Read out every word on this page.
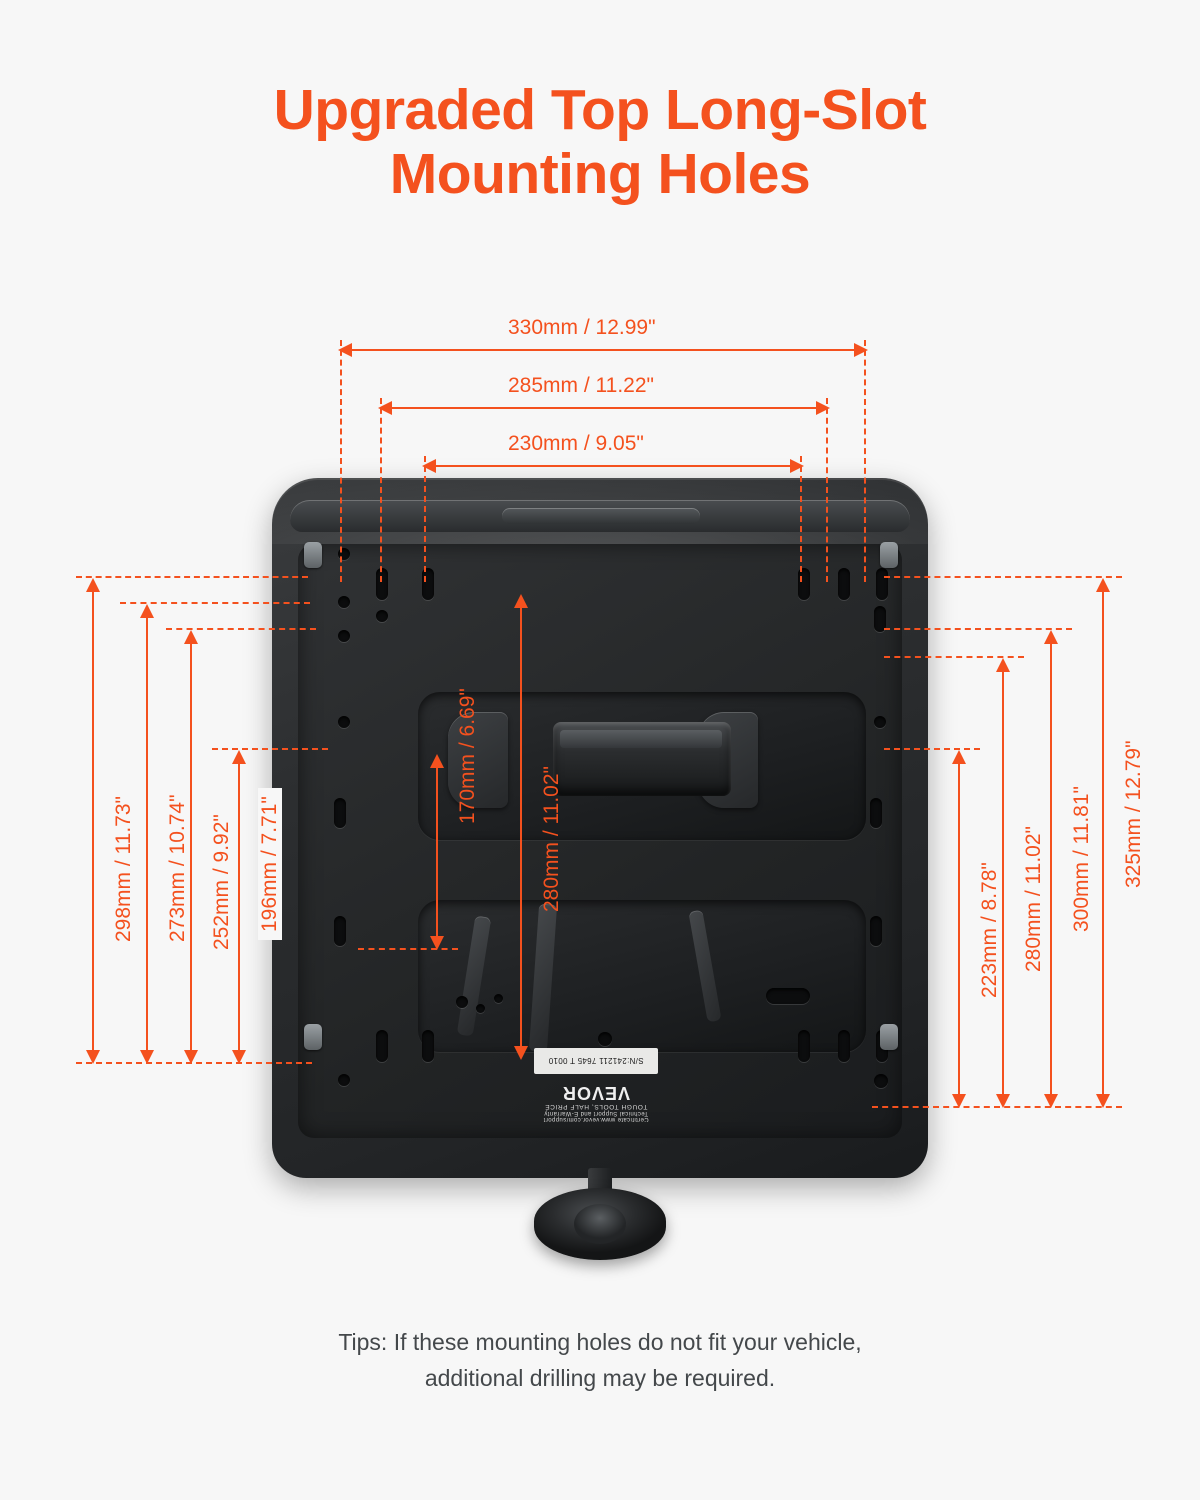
Upgraded Top Long-Slot
Mounting Holes
S/N:241211 7645 T 0010
Certificate www.vevor.com/support
Technical Support and E-Warranty
TOUGH TOOLS, HALF PRICE
VEVOR
330mm / 12.99"
285mm / 11.22"
230mm / 9.05"
298mm / 11.73" 273mm / 10.74" 252mm / 9.92" 196mm / 7.71"
170mm / 6.69"
280mm / 11.02"
223mm / 8.78" 280mm / 11.02" 300mm / 11.81" 325mm / 12.79"
Tips: If these mounting holes do not fit your vehicle,
additional drilling may be required.
